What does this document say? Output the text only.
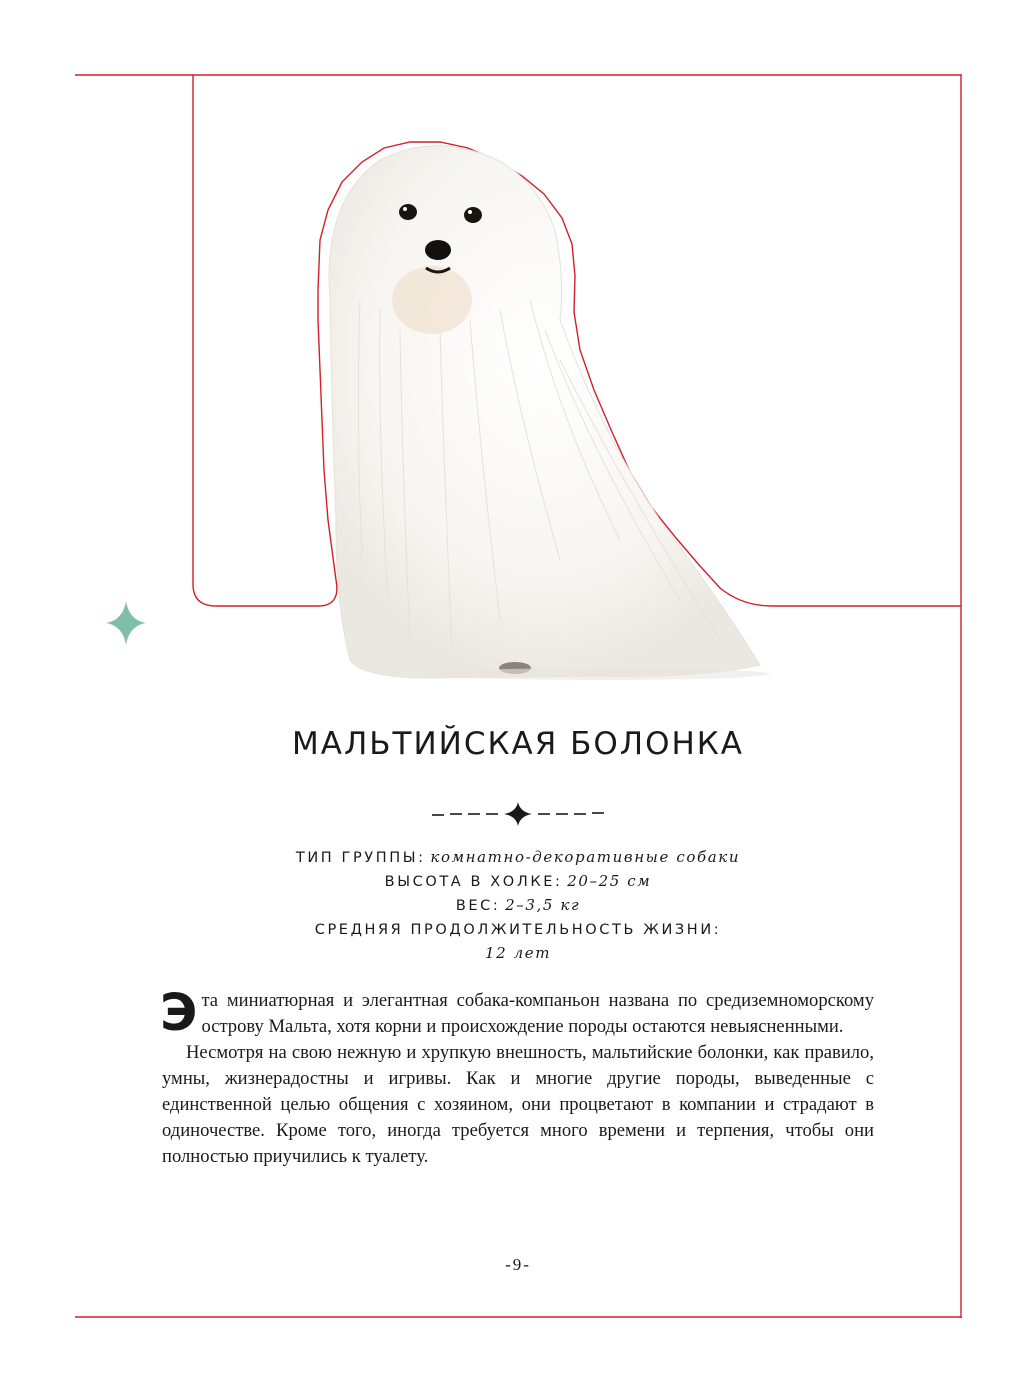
МАЛЬТИЙСКАЯ БОЛОНКА
ТИП ГРУППЫ: комнатно-декоративные собаки
ВЫСОТА В ХОЛКЕ: 20–25 см
ВЕС: 2–3,5 кг
СРЕДНЯЯ ПРОДОЛЖИТЕЛЬНОСТЬ ЖИЗНИ:
12 лет

Эта миниатюрная и элегантная собака-компаньон названа по средиземноморскому острову Мальта, хотя корни и происхождение породы остаются невыясненными.

Несмотря на свою нежную и хрупкую внешность, мальтийские болонки, как правило, умны, жизнерадостны и игривы. Как и многие другие породы, выведенные с единственной целью общения с хозяином, они процветают в компании и страдают в одиночестве. Кроме того, иногда требуется много времени и терпения, чтобы они полностью приучились к туалету.

-9-
